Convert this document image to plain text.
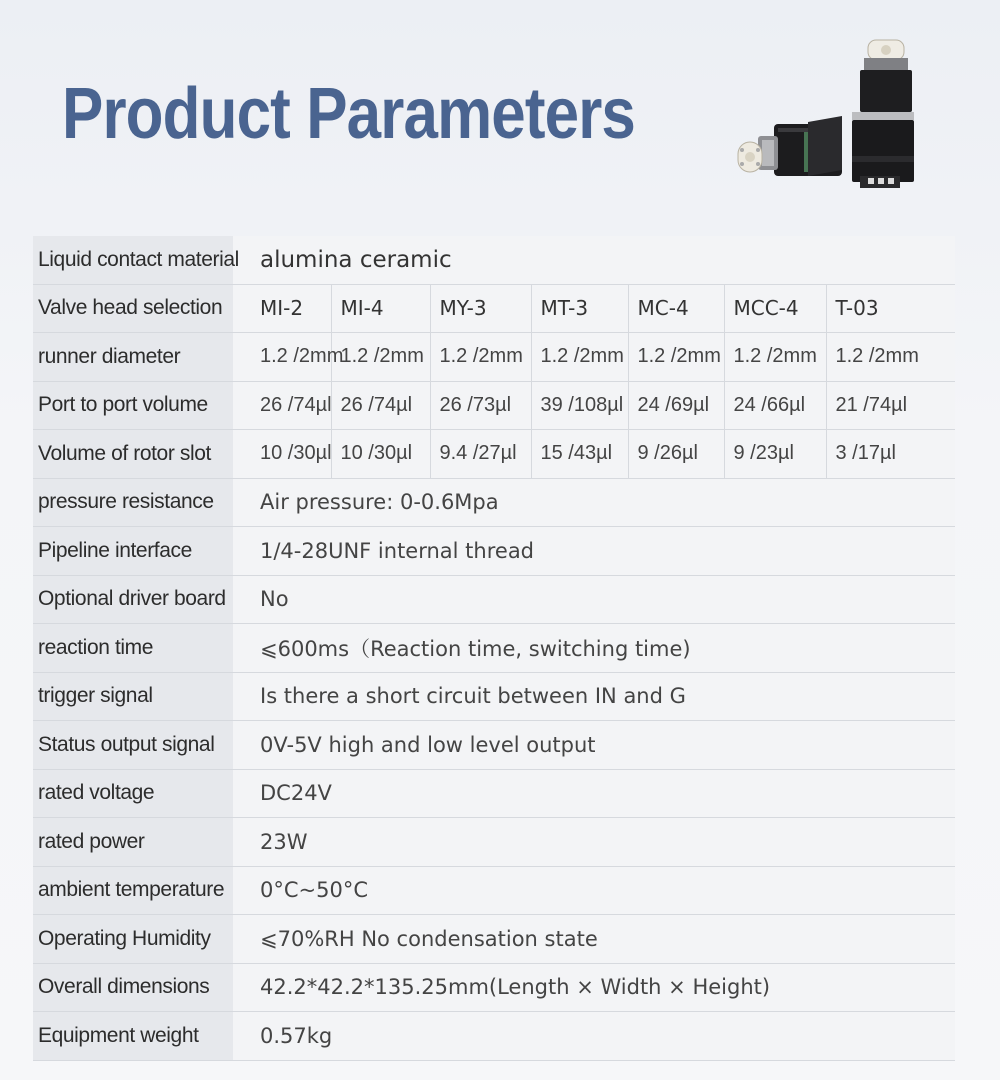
Product Parameters
Liquid contact material	alumina ceramic						
Valve head selection	MI-2	MI-4	MY-3	MT-3	MC-4	MCC-4	T-03
runner diameter	1.2 /2mm	1.2 /2mm	1.2 /2mm	1.2 /2mm	1.2 /2mm	1.2 /2mm	1.2 /2mm
Port to port volume	26 /74µl	26 /74µl	26 /73µl	39 /108µl	24 /69µl	24 /66µl	21 /74µl
Volume of rotor slot	10 /30µl	10 /30µl	9.4 /27µl	15 /43µl	9 /26µl	9 /23µl	3 /17µl
pressure resistance	Air pressure: 0-0.6Mpa						
Pipeline interface	1/4-28UNF internal thread						
Optional driver board	No						
reaction time	⩽600ms（Reaction time, switching time)						
trigger signal	Is there a short circuit between IN and G						
Status output signal	0V-5V high and low level output						
rated voltage	DC24V						
rated power	23W						
ambient temperature	0°C~50°C						
Operating Humidity	⩽70%RH No condensation state						
Overall dimensions	42.2*42.2*135.25mm(Length × Width × Height)						
Equipment weight	0.57kg						
